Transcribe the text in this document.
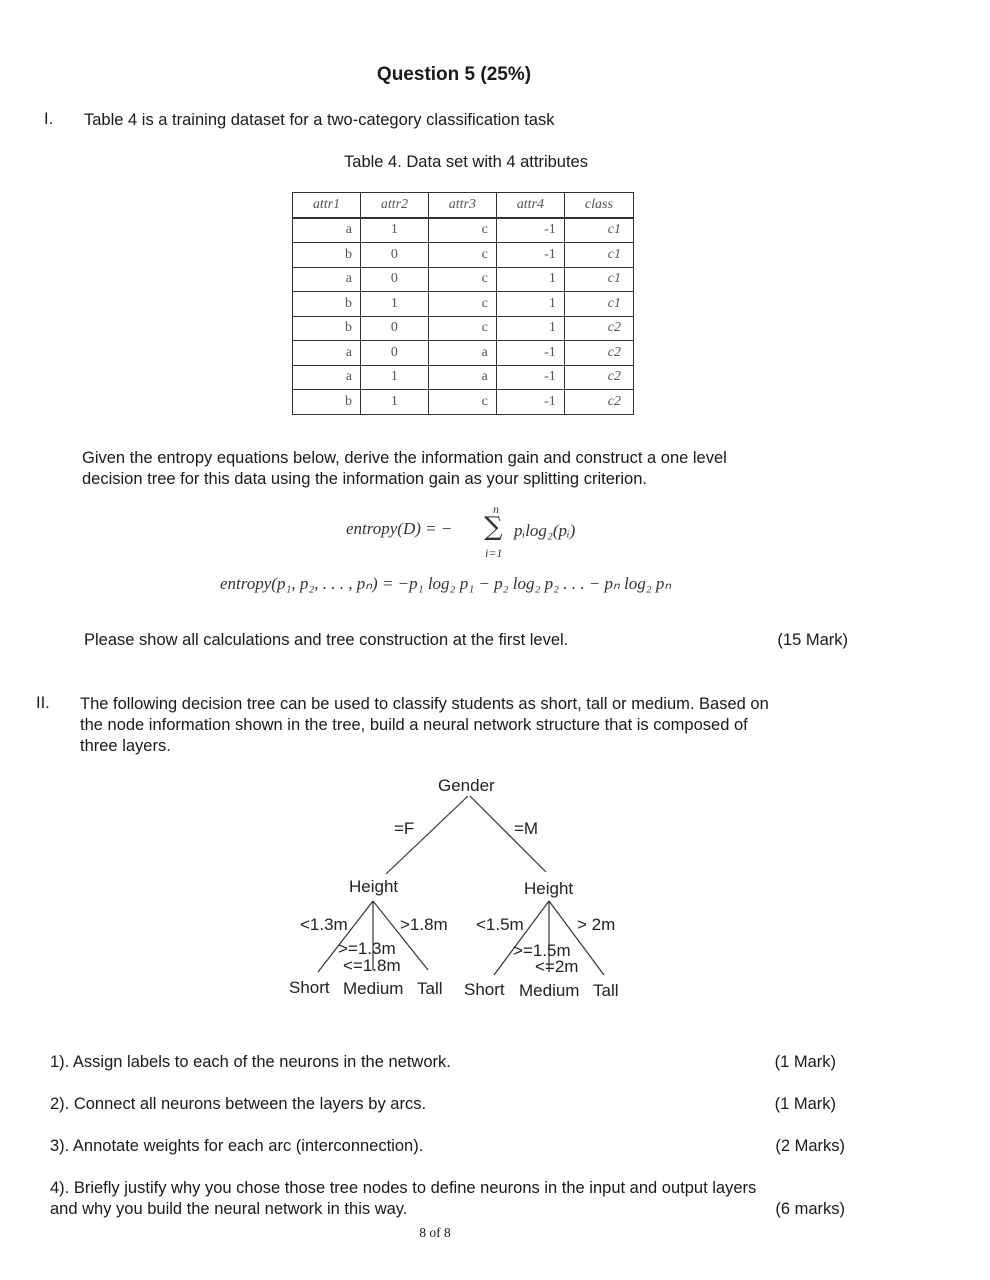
Question 5 (25%)
I. Table 4 is a training dataset for a two-category classification task
Table 4. Data set with 4 attributes
attr1	attr2	attr3	attr4	class
a	1	c	-1	c1
b	0	c	-1	c1
a	0	c	1	c1
b	1	c	1	c1
b	0	c	1	c2
a	0	a	-1	c2
a	1	a	-1	c2
b	1	c	-1	c2
Given the entropy equations below, derive the information gain and construct a one level
decision tree for this data using the information gain as your splitting criterion.
entropy(D) = −
n
∑
i=1
pᵢlog₂(pᵢ)
entropy(p₁, p₂, . . . , pₙ) = −p₁ log₂ p₁ − p₂ log₂ p₂ . . . − pₙ log₂ pₙ
Please show all calculations and tree construction at the first level.	(15 Mark)
II. The following decision tree can be used to classify students as short, tall or medium. Based on
the node information shown in the tree, build a neural network structure that is composed of
three layers.
Gender
=F	=M
Height	Height
<1.3m	>1.8m
>=1.3m
<=1.8m
<1.5m	> 2m
>=1.5m
<=2m
Short Medium Tall Short Medium Tall
1). Assign labels to each of the neurons in the network.	(1 Mark)
2). Connect all neurons between the layers by arcs.	(1 Mark)
3). Annotate weights for each arc (interconnection).	(2 Marks)
4). Briefly justify why you chose those tree nodes to define neurons in the input and output layers
and why you build the neural network in this way.	(6 marks)
8 of 8
